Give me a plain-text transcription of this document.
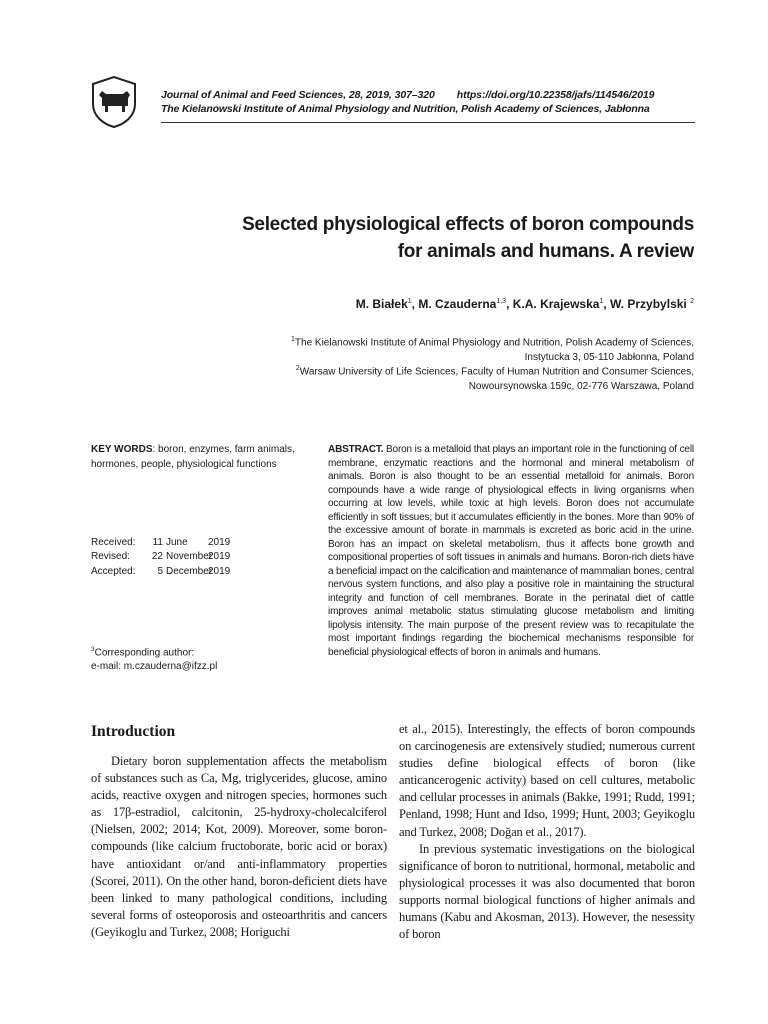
Journal of Animal and Feed Sciences, 28, 2019, 307–320 https://doi.org/10.22358/jafs/114546/2019
The Kielanowski Institute of Animal Physiology and Nutrition, Polish Academy of Sciences, Jabłonna
Selected physiological effects of boron compounds
for animals and humans. A review
M. Białek$^1$, M. Czauderna$^{1,3}$, K.A. Krajewska$^1$, W. Przybylski $^2$
$^1$The Kielanowski Institute of Animal Physiology and Nutrition, Polish Academy of Sciences,
Instytucka 3, 05-110 Jabłonna, Poland
$^2$Warsaw University of Life Sciences, Faculty of Human Nutrition and Consumer Sciences,
Nowoursynowska 159c, 02-776 Warszawa, Poland
KEY WORDS: boron, enzymes, farm animals, hormones, people, physiological functions
Received: 11 June 2019
Revised: 22 November2019
Accepted: 5 December2019
$^3$Corresponding author:
e-mail: m.czauderna@ifzz.pl
ABSTRACT. Boron is a metalloid that plays an important role in the functioning of cell membrane, enzymatic reactions and the hormonal and mineral metabolism of animals. Boron is also thought to be an essential metalloid for animals. Boron compounds have a wide range of physiological effects in living organisms when occurring at low levels, while toxic at high levels. Boron does not accumulate efficiently in soft tissues; but it accumulates efficiently in the bones. More than 90% of the excessive amount of borate in mammals is excreted as boric acid in the urine. Boron has an impact on skeletal metabolism, thus it affects bone growth and compositional properties of soft tissues in animals and humans. Boron-rich diets have a beneficial impact on the calcification and maintenance of mammalian bones, central nervous system functions, and also play a positive role in maintaining the structural integrity and function of cell membranes. Borate in the perinatal diet of cattle improves animal metabolic status stimulating glucose metabolism and limiting lipolysis intensity. The main purpose of the present review was to recapitulate the most important findings regarding the biochemical mechanisms responsible for beneficial physiological effects of boron in animals and humans.
Introduction

Dietary boron supplementation affects the metabolism of substances such as Ca, Mg, triglycerides, glucose, amino acids, reactive oxygen and nitrogen species, hormones such as 17β-estradiol, calcitonin, 25-hydroxy-cholecalciferol (Nielsen, 2002; 2014; Kot, 2009). Moreover, some boron-compounds (like calcium fructoborate, boric acid or borax) have antioxidant or/and anti-inflammatory properties (Scorei, 2011). On the other hand, boron-deficient diets have been linked to many pathological conditions, including several forms of osteoporosis and osteoarthritis and cancers (Geyikoglu and Turkez, 2008; Horiguchi

et al., 2015). Interestingly, the effects of boron compounds on carcinogenesis are extensively studied; numerous current studies define biological effects of boron (like anticancerogenic activity) based on cell cultures, metabolic and cellular processes in animals (Bakke, 1991; Rudd, 1991; Penland, 1998; Hunt and Idso, 1999; Hunt, 2003; Geyikoglu and Turkez, 2008; Doğan et al., 2017).

In previous systematic investigations on the biological significance of boron to nutritional, hormonal, metabolic and physiological processes it was also documented that boron supports normal biological functions of higher animals and humans (Kabu and Akosman, 2013). However, the nesessity of boron
